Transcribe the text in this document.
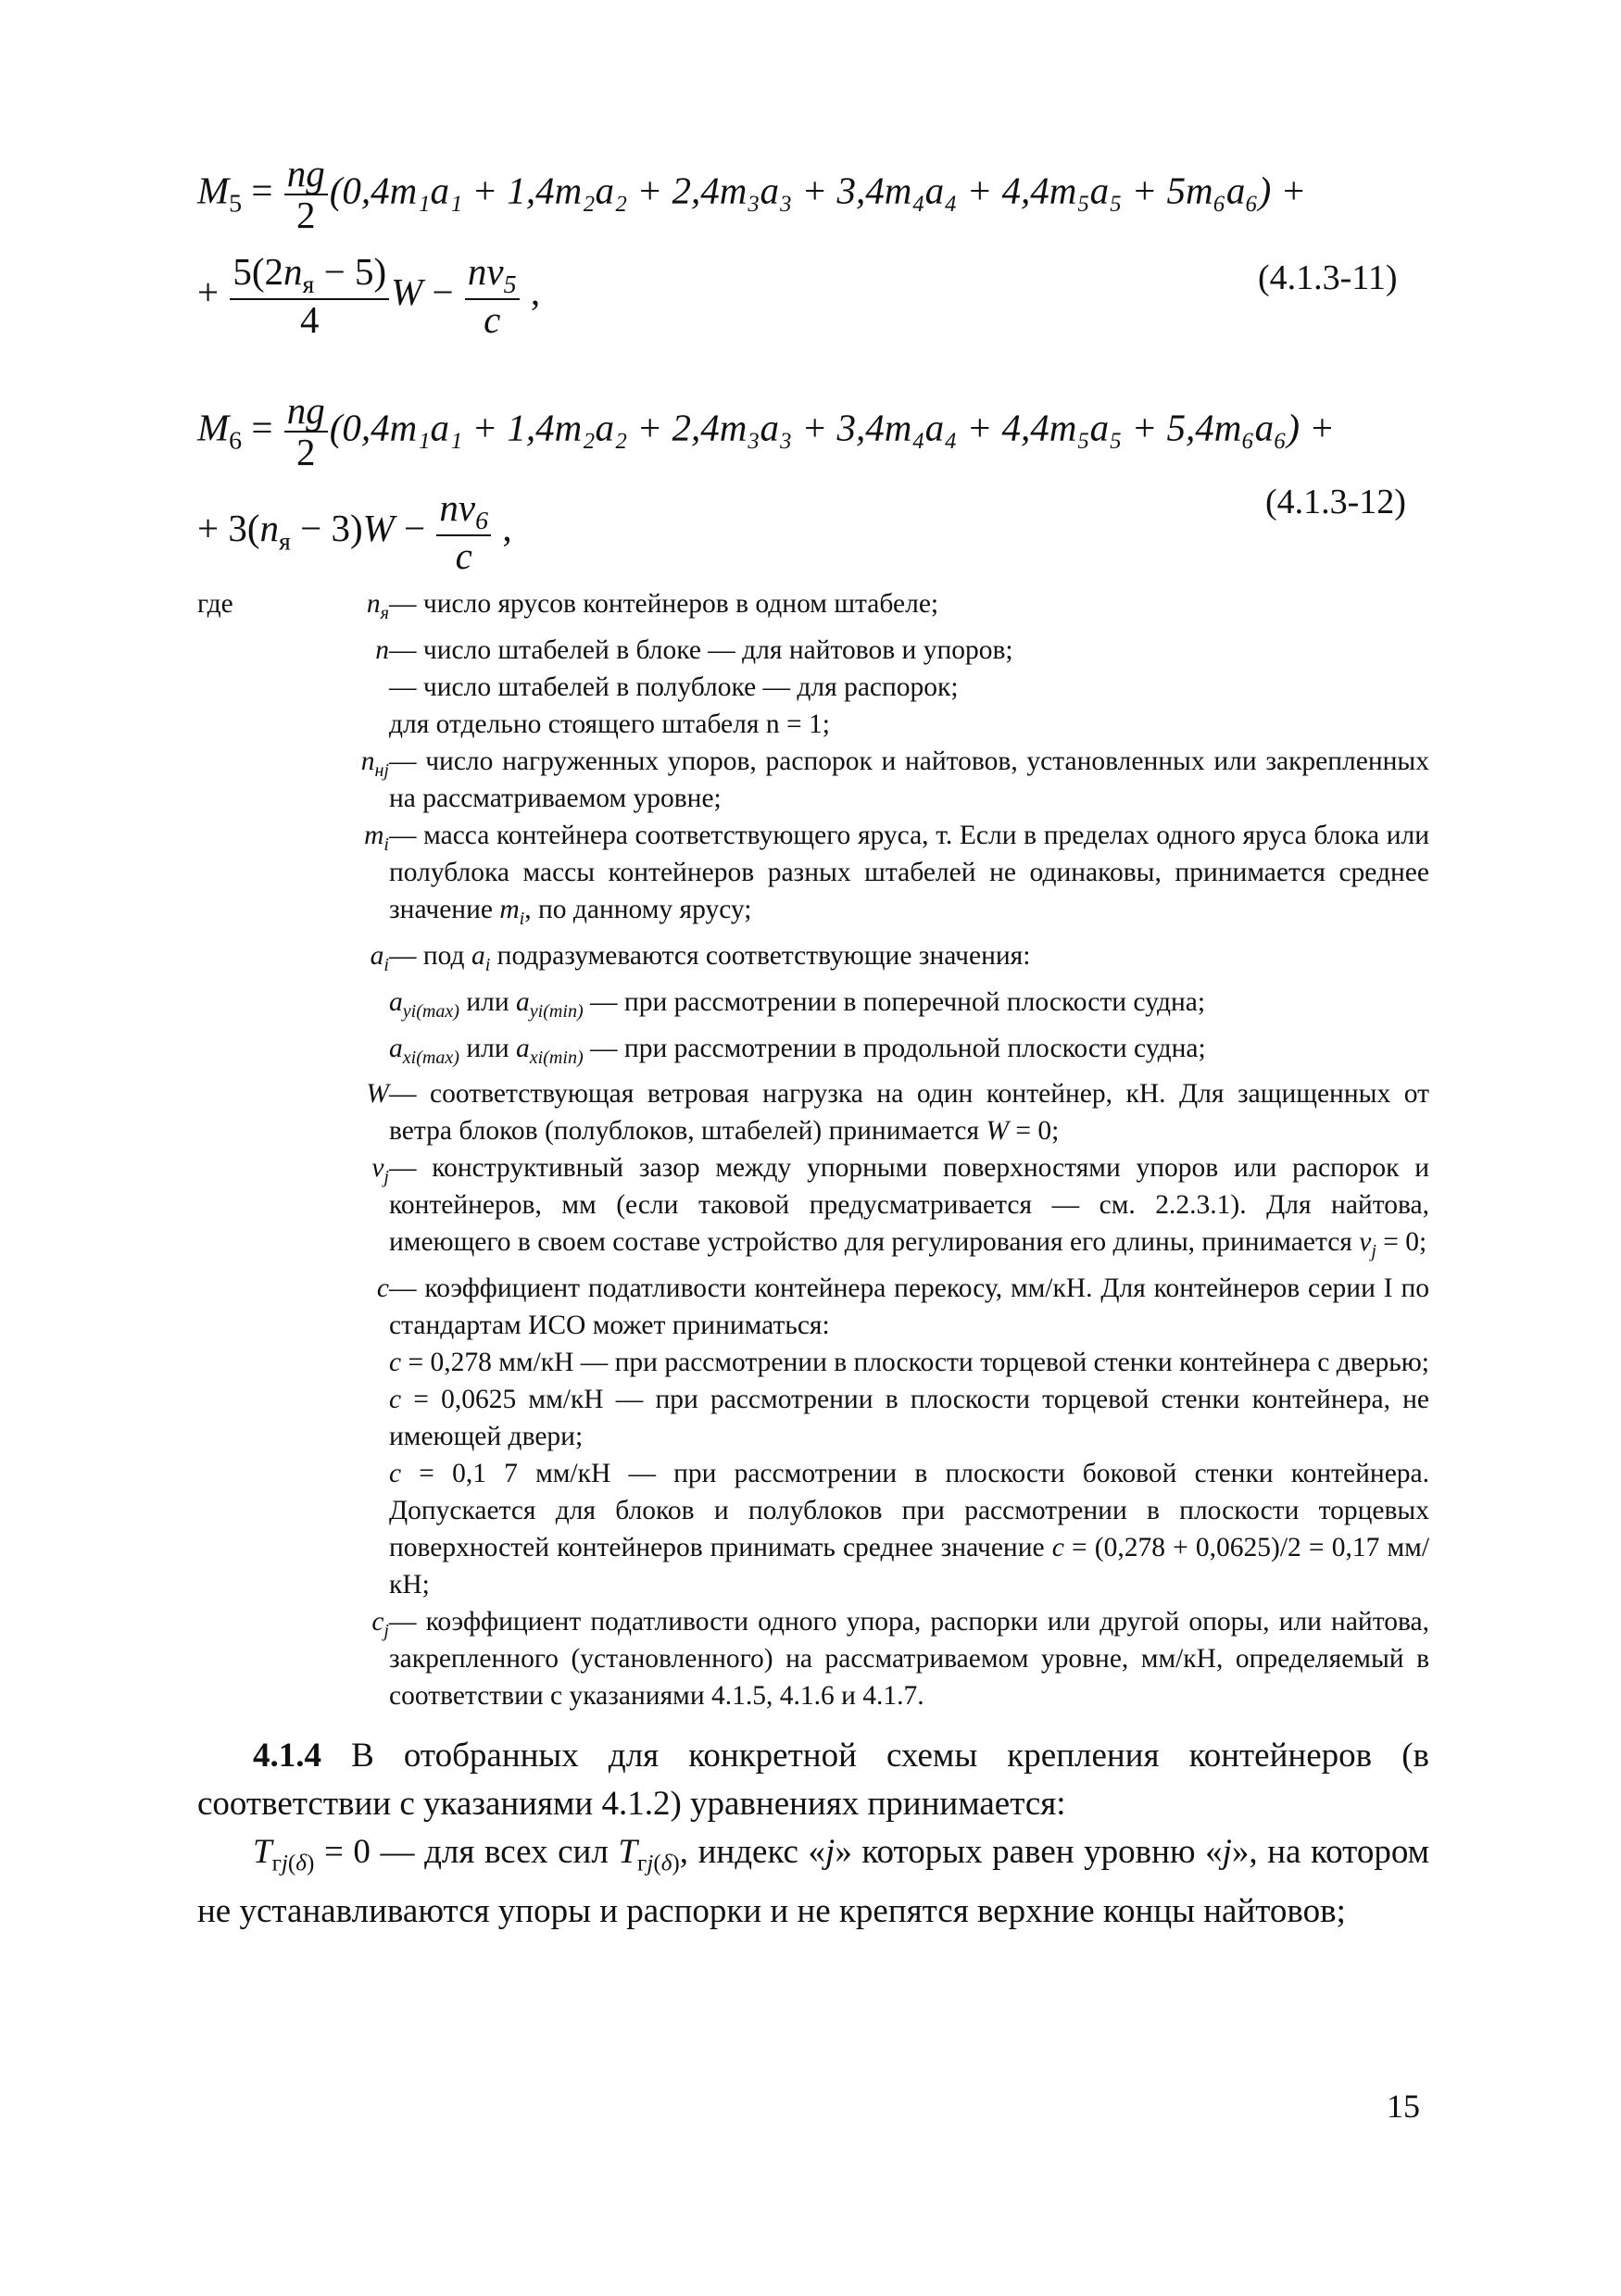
$M_5 = \frac{ng}{2} (0,4m_1a_1 + 1,4m_2a_2 + 2,4m_3a_3 + 3,4m_4a_4 + 4,4m_5a_5 + 5m_6a_6)$ +
+ $\frac{5(2n_я - 5)}{4}$ $W - \frac{nv_5}{c}$ ,	(4.1.3-11)
$M_6 = \frac{ng}{2} (0,4m_1a_1 + 1,4m_2a_2 + 2,4m_3a_3 + 3,4m_4a_4 + 4,4m_5a_5 + 5,4m_6a_6)$ +
+ $3(n_я - 3)W - \frac{nv_6}{c}$ ,
(4.1.3-12)
где	$n_я$ — число ярусов контейнеров в одном штабеле;
n — число штабелей в блоке — для найтовов и упоров;

— число штабелей в полублоке — для распорок;

для отдельно стоящего штабеля n = 1;

$n_{нj}$ — число нагруженных упоров, распорок и найтовов, установленных или закрепленных на рассматриваемом уровне;
$m_i$ — масса контейнера соответствующего яруса, т. Если в пределах одного яруса блока или полублока массы контейнеров разных штабелей не одинаковы, принимается среднее значение $m_i$, по данному ярусу;
$a_i$ — под $a_i$ подразумеваются соответствующие значения:

$a_{yi(max)}$ или $a_{yi(min)}$ — при рассмотрении в поперечной плоскости судна;

$a_{xi(max)}$ или $a_{xi(min)}$ — при рассмотрении в продольной плоскости судна;

W — соответствующая ветровая нагрузка на один контейнер, кН. Для защищенных от ветра блоков (полублоков, штабелей) принимается W = 0;
$v_j$ — конструктивный зазор между упорными поверхностями упоров или распорок и контейнеров, мм (если таковой предусматривается — см. 2.2.3.1). Для найтова, имеющего в своем составе устройство для регулирования его длины, принимается $v_j = 0$;
c — коэффициент податливости контейнера перекосу, мм/кН. Для контейнеров серии I по стандартам ИСО может приниматься:

c = 0,278 мм/кН — при рассмотрении в плоскости торцевой стенки контейнера с дверью;

c = 0,0625 мм/кН — при рассмотрении в плоскости торцевой стенки контейнера, не имеющей двери;

c = 0,1 7 мм/кН — при рассмотрении в плоскости боковой стенки контейнера. Допускается для блоков и полублоков при рассмотрении в плоскости торцевых поверхностей контейнеров принимать среднее значение c = (0,278 + 0,0625)/2 = 0,17 мм/кН;

$c_j$ — коэффициент податливости одного упора, распорки или другой опоры, или найтова, закрепленного (установленного) на рассматриваемом уровне, мм/кН, определяемый в соответствии с указаниями 4.1.5, 4.1.6 и 4.1.7.

4.1.4 В отобранных для конкретной схемы крепления контейнеров (в соответствии с указаниями 4.1.2) уравнениях принимается:

$T_{гj(\delta)} = 0$ — для всех сил $T_{гj(\delta)}$, индекс «j» которых равен уровню «j», на котором не устанавливаются упоры и распорки и не крепятся верхние концы найтовов;

15
